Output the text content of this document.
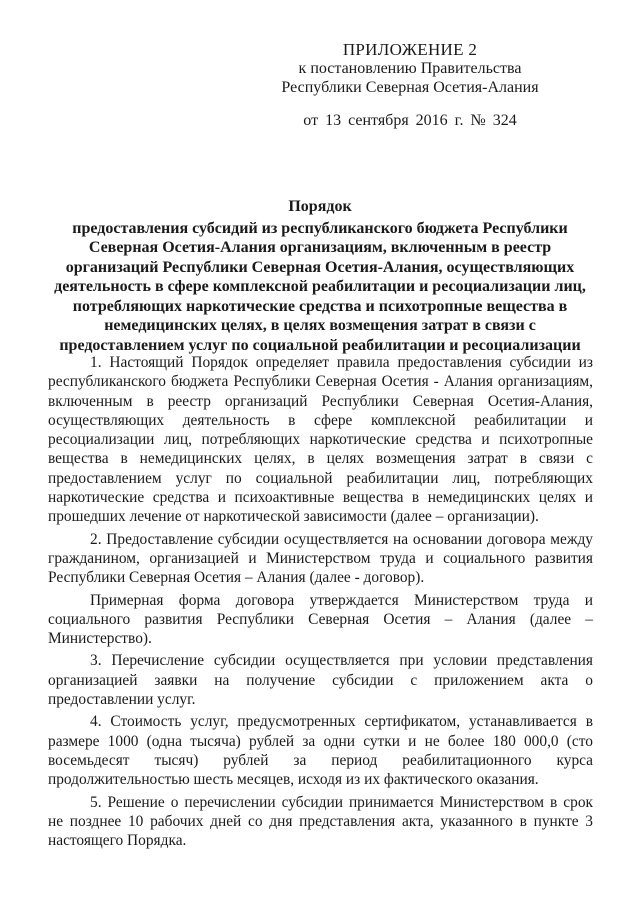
ПРИЛОЖЕНИЕ 2
к постановлению Правительства
Республики Северная Осетия-Алания
от 13 сентября 2016 г. № 324
Порядок
предоставления субсидий из республиканского бюджета Республики
Северная Осетия-Алания организациям, включенным в реестр
организаций Республики Северная Осетия-Алания, осуществляющих
деятельность в сфере комплексной реабилитации и ресоциализации лиц,
потребляющих наркотические средства и психотропные вещества в
немедицинских целях, в целях возмещения затрат в связи с
предоставлением услуг по социальной реабилитации и ресоциализации

1. Настоящий Порядок определяет правила предоставления субсидии из республиканского бюджета Республики Северная Осетия - Алания организациям, включенным в реестр организаций Республики Северная Осетия-Алания, осуществляющих деятельность в сфере комплексной реабилитации и ресоциализации лиц, потребляющих наркотические средства и психотропные вещества в немедицинских целях, в целях возмещения затрат в связи с предоставлением услуг по социальной реабилитации лиц, потребляющих наркотические средства и психоактивные вещества в немедицинских целях и прошедших лечение от наркотической зависимости (далее – организации).

2. Предоставление субсидии осуществляется на основании договора между гражданином, организацией и Министерством труда и социального развития Республики Северная Осетия – Алания (далее - договор).

Примерная форма договора утверждается Министерством труда и социального развития Республики Северная Осетия – Алания (далее – Министерство).

3. Перечисление субсидии осуществляется при условии представления организацией заявки на получение субсидии с приложением акта о предоставлении услуг.

4. Стоимость услуг, предусмотренных сертификатом, устанавливается в размере 1000 (одна тысяча) рублей за одни сутки и не более 180 000,0 (сто восемьдесят тысяч) рублей за период реабилитационного курса продолжительностью шесть месяцев, исходя из их фактического оказания.

5. Решение о перечислении субсидии принимается Министерством в срок не позднее 10 рабочих дней со дня представления акта, указанного в пункте 3 настоящего Порядка.
